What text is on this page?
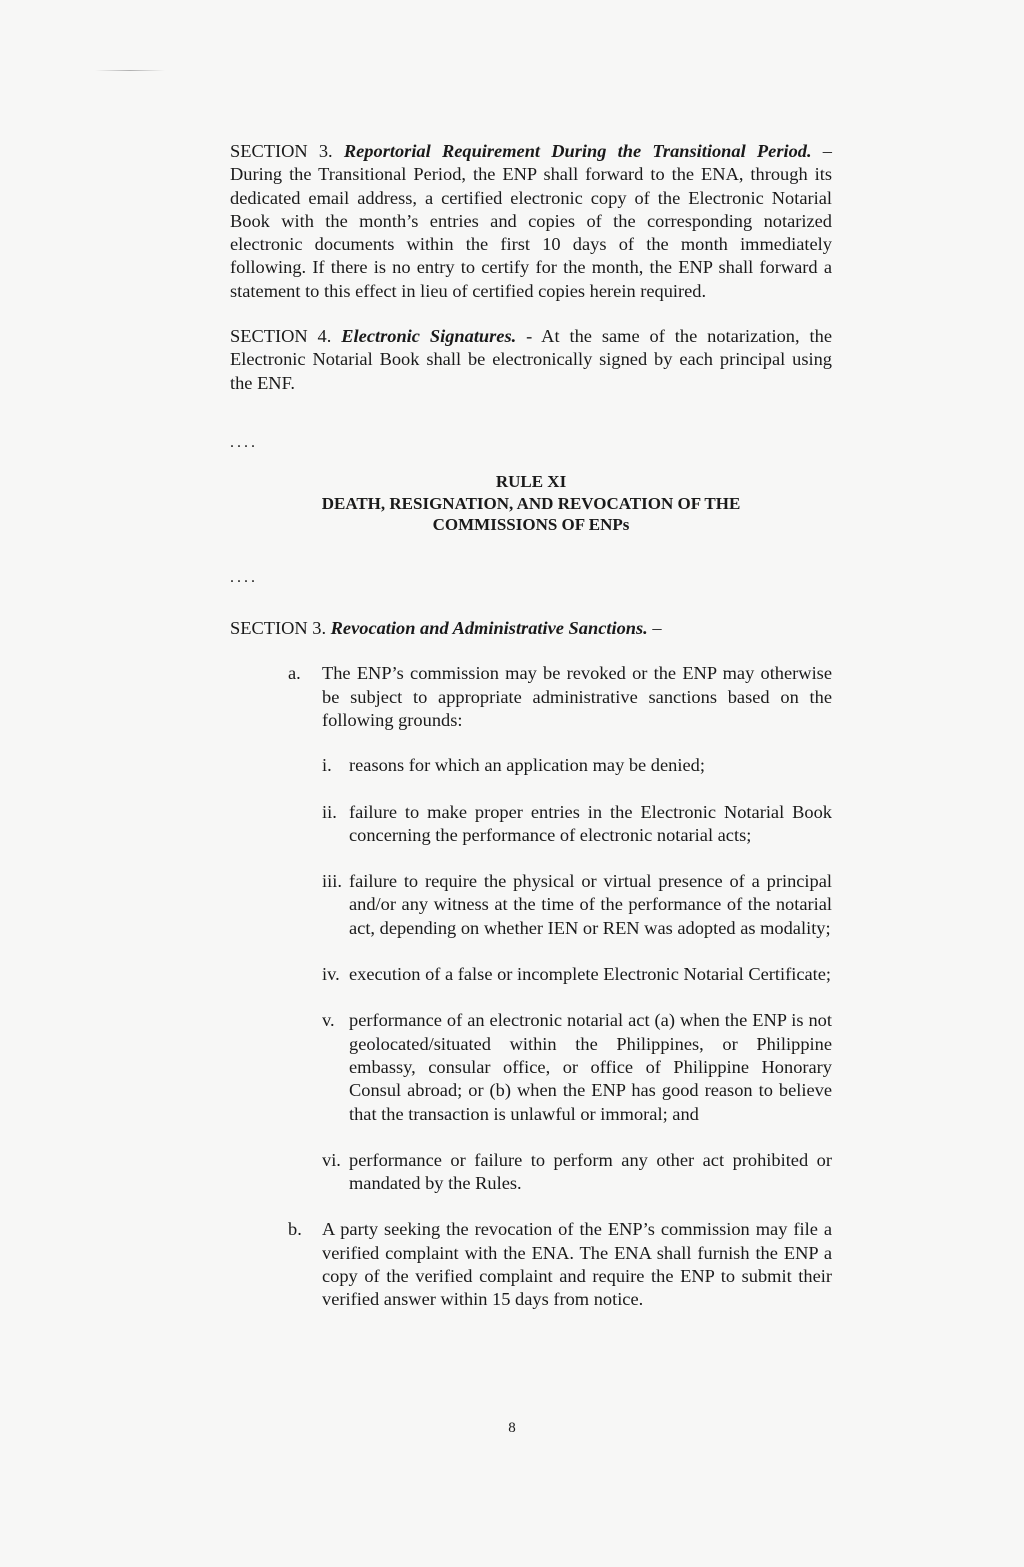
SECTION 3. Reportorial Requirement During the Transitional Period. – During the Transitional Period, the ENP shall forward to the ENA, through its dedicated email address, a certified electronic copy of the Electronic Notarial Book with the month’s entries and copies of the corresponding notarized electronic documents within the first 10 days of the month immediately following. If there is no entry to certify for the month, the ENP shall forward a statement to this effect in lieu of certified copies herein required.

SECTION 4. Electronic Signatures. - At the same of the notarization, the Electronic Notarial Book shall be electronically signed by each principal using the ENF.

....
RULE XI
DEATH, RESIGNATION, AND REVOCATION OF THE
COMMISSIONS OF ENPs
....

SECTION 3. Revocation and Administrative Sanctions. –

a. The ENP’s commission may be revoked or the ENP may otherwise be subject to appropriate administrative sanctions based on the following grounds:
i. reasons for which an application may be denied;
ii. failure to make proper entries in the Electronic Notarial Book concerning the performance of electronic notarial acts;
iii. failure to require the physical or virtual presence of a principal and/or any witness at the time of the performance of the notarial act, depending on whether IEN or REN was adopted as modality;
iv. execution of a false or incomplete Electronic Notarial Certificate;
v. performance of an electronic notarial act (a) when the ENP is not geolocated/situated within the Philippines, or Philippine embassy, consular office, or office of Philippine Honorary Consul abroad; or (b) when the ENP has good reason to believe that the transaction is unlawful or immoral; and
vi. performance or failure to perform any other act prohibited or mandated by the Rules.
b. A party seeking the revocation of the ENP’s commission may file a verified complaint with the ENA. The ENA shall furnish the ENP a copy of the verified complaint and require the ENP to submit their verified answer within 15 days from notice.
8
